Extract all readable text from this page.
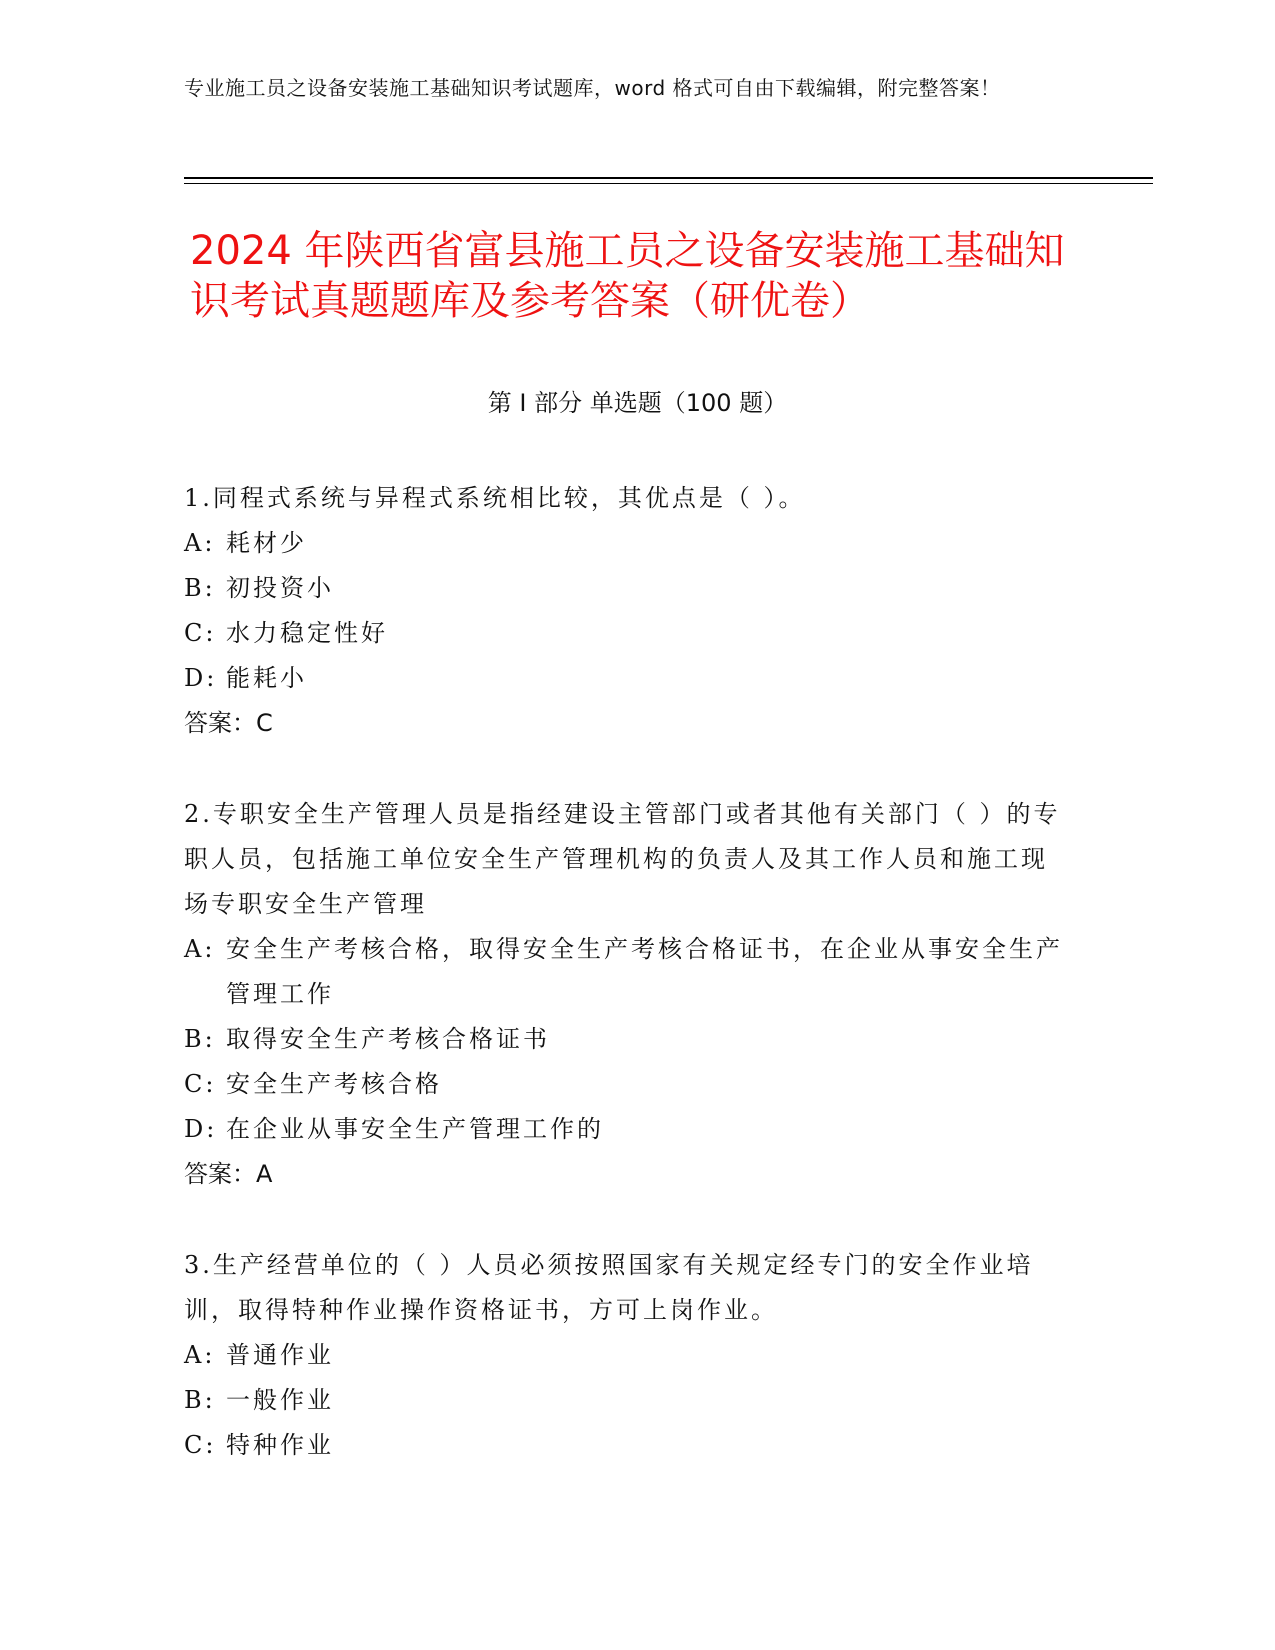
专业施工员之设备安装施工基础知识考试题库，word 格式可自由下载编辑，附完整答案！
2024 年陕西省富县施工员之设备安装施工基础知识考试真题题库及参考答案（研优卷）
第 I 部分 单选题（100 题）
1.同程式系统与异程式系统相比较，其优点是（ ）。
A: 耗材少
B: 初投资小
C: 水力稳定性好
D: 能耗小
答案：C
2.专职安全生产管理人员是指经建设主管部门或者其他有关部门（ ）的专职人员，包括施工单位安全生产管理机构的负责人及其工作人员和施工现场专职安全生产管理
A: 安全生产考核合格，取得安全生产考核合格证书，在企业从事安全生产管理工作
B: 取得安全生产考核合格证书
C: 安全生产考核合格
D: 在企业从事安全生产管理工作的
答案：A
3.生产经营单位的（ ）人员必须按照国家有关规定经专门的安全作业培训，取得特种作业操作资格证书，方可上岗作业。
A: 普通作业
B: 一般作业
C: 特种作业
